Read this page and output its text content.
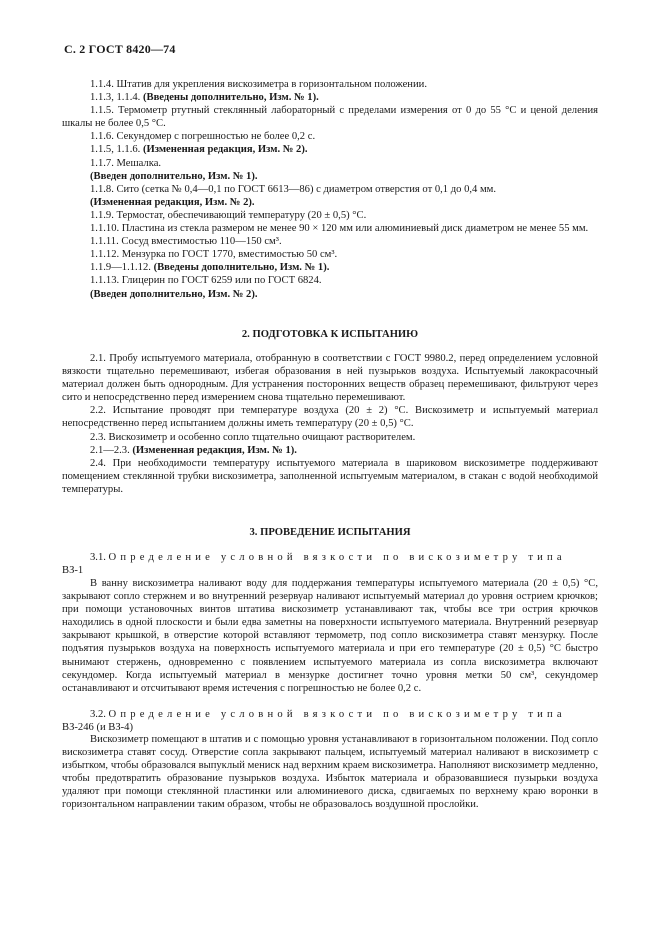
С. 2 ГОСТ 8420—74

1.1.4. Штатив для укрепления вискозиметра в горизонтальном положении.

1.1.3, 1.1.4. (Введены дополнительно, Изм. № 1).

1.1.5. Термометр ртутный стеклянный лабораторный с пределами измерения от 0 до 55 °С и ценой деления шкалы не более 0,5 °С.

1.1.6. Секундомер с погрешностью не более 0,2 с.

1.1.5, 1.1.6. (Измененная редакция, Изм. № 2).

1.1.7. Мешалка.

(Введен дополнительно, Изм. № 1).

1.1.8. Сито (сетка № 0,4—0,1 по ГОСТ 6613—86) с диаметром отверстия от 0,1 до 0,4 мм.

(Измененная редакция, Изм. № 2).

1.1.9. Термостат, обеспечивающий температуру (20 ± 0,5) °С.

1.1.10. Пластина из стекла размером не менее 90 × 120 мм или алюминиевый диск диаметром не менее 55 мм.

1.1.11. Сосуд вместимостью 110—150 см³.

1.1.12. Мензурка по ГОСТ 1770, вместимостью 50 см³.

1.1.9—1.1.12. (Введены дополнительно, Изм. № 1).

1.1.13. Глицерин по ГОСТ 6259 или по ГОСТ 6824.

(Введен дополнительно, Изм. № 2).

2. ПОДГОТОВКА К ИСПЫТАНИЮ

2.1. Пробу испытуемого материала, отобранную в соответствии с ГОСТ 9980.2, перед определением условной вязкости тщательно перемешивают, избегая образования в ней пузырьков воздуха. Испытуемый лакокрасочный материал должен быть однородным. Для устранения посторонних веществ образец перемешивают, фильтруют через сито и непосредственно перед измерением снова тщательно перемешивают.

2.2. Испытание проводят при температуре воздуха (20 ± 2) °С. Вискозиметр и испытуемый материал непосредственно перед испытанием должны иметь температуру (20 ± 0,5) °С.

2.3. Вискозиметр и особенно сопло тщательно очищают растворителем.

2.1—2.3. (Измененная редакция, Изм. № 1).

2.4. При необходимости температуру испытуемого материала в шариковом вискозиметре поддерживают помещением стеклянной трубки вискозиметра, заполненной испытуемым материалом, в стакан с водой необходимой температуры.

3. ПРОВЕДЕНИЕ ИСПЫТАНИЯ

3.1. Определение условной вязкости по вискозиметру типа

ВЗ-1

В ванну вискозиметра наливают воду для поддержания температуры испытуемого материала (20 ± 0,5) °С, закрывают сопло стержнем и во внутренний резервуар наливают испытуемый материал до уровня острием крючков; при помощи установочных винтов штатива вискозиметр устанавливают так, чтобы все три острия крючков находились в одной плоскости и были едва заметны на поверхности испытуемого материала. Внутренний резервуар закрывают крышкой, в отверстие которой вставляют термометр, под сопло вискозиметра ставят мензурку. После подъятия пузырьков воздуха на поверхность испытуемого материала и при его температуре (20 ± 0,5) °С быстро вынимают стержень, одновременно с появлением испытуемого материала из сопла вискозиметра включают секундомер. Когда испытуемый материал в мензурке достигнет точно уровня метки 50 см³, секундомер останавливают и отсчитывают время истечения с погрешностью не более 0,2 с.

3.2. Определение условной вязкости по вискозиметру типа

ВЗ-246 (и ВЗ-4)

Вискозиметр помещают в штатив и с помощью уровня устанавливают в горизонтальном положении. Под сопло вискозиметра ставят сосуд. Отверстие сопла закрывают пальцем, испытуемый материал наливают в вискозиметр с избытком, чтобы образовался выпуклый мениск над верхним краем вискозиметра. Наполняют вискозиметр медленно, чтобы предотвратить образование пузырьков воздуха. Избыток материала и образовавшиеся пузырьки воздуха удаляют при помощи стеклянной пластинки или алюминиевого диска, сдвигаемых по верхнему краю воронки в горизонтальном направлении таким образом, чтобы не образовалось воздушной прослойки.
